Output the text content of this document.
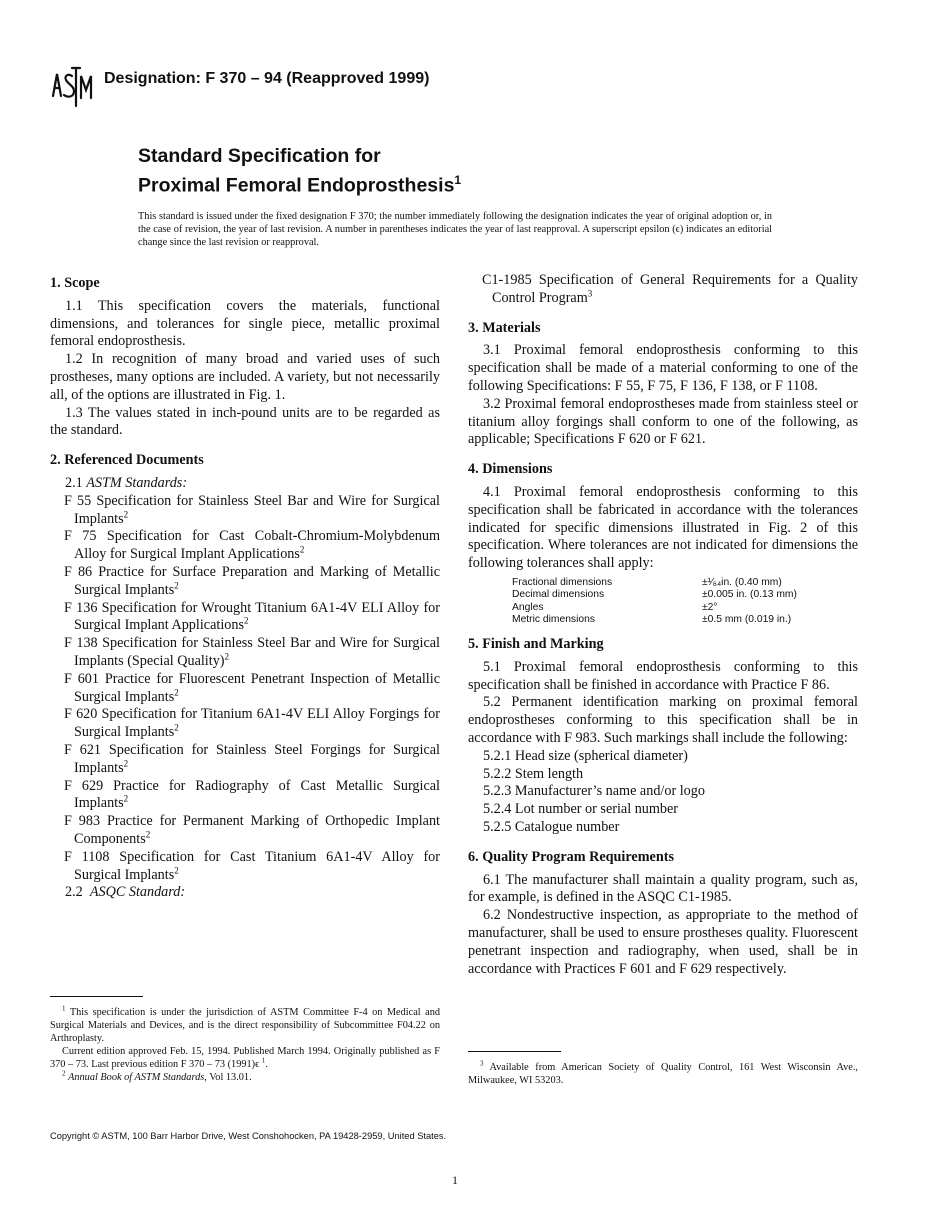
Designation: F 370 – 94 (Reapproved 1999)
Standard Specification for
Proximal Femoral Endoprosthesis$^1$
This standard is issued under the fixed designation F 370; the number immediately following the designation indicates the year of original adoption or, in the case of revision, the year of last revision. A number in parentheses indicates the year of last reapproval. A superscript epsilon (ϵ) indicates an editorial change since the last revision or reapproval.
1. Scope

1.1 This specification covers the materials, functional dimensions, and tolerances for single piece, metallic proximal femoral endoprosthesis.

1.2 In recognition of many broad and varied uses of such prostheses, many options are included. A variety, but not necessarily all, of the options are illustrated in Fig. 1.

1.3 The values stated in inch-pound units are to be regarded as the standard.

2. Referenced Documents

2.1 ASTM Standards:

F 55 Specification for Stainless Steel Bar and Wire for Surgical Implants$^2$

F 75 Specification for Cast Cobalt-Chromium-Molybdenum Alloy for Surgical Implant Applications$^2$

F 86 Practice for Surface Preparation and Marking of Metallic Surgical Implants$^2$

F 136 Specification for Wrought Titanium 6A1-4V ELI Alloy for Surgical Implant Applications$^2$

F 138 Specification for Stainless Steel Bar and Wire for Surgical Implants (Special Quality)$^2$

F 601 Practice for Fluorescent Penetrant Inspection of Metallic Surgical Implants$^2$

F 620 Specification for Titanium 6A1-4V ELI Alloy Forgings for Surgical Implants$^2$

F 621 Specification for Stainless Steel Forgings for Surgical Implants$^2$

F 629 Practice for Radiography of Cast Metallic Surgical Implants$^2$

F 983 Practice for Permanent Marking of Orthopedic Implant Components$^2$

F 1108 Specification for Cast Titanium 6A1-4V Alloy for Surgical Implants$^2$

2.2 ASQC Standard:

C1-1985 Specification of General Requirements for a Quality Control Program$^3$

3. Materials

3.1 Proximal femoral endoprosthesis conforming to this specification shall be made of a material conforming to one of the following Specifications: F 55, F 75, F 136, F 138, or F 1108.

3.2 Proximal femoral endoprostheses made from stainless steel or titanium alloy forgings shall conform to one of the following, as applicable; Specifications F 620 or F 621.

4. Dimensions

4.1 Proximal femoral endoprosthesis conforming to this specification shall be fabricated in accordance with the tolerances indicated for specific dimensions illustrated in Fig. 2 of this specification. Where tolerances are not indicated for dimensions the following tolerances shall apply:

Fractional dimensions	±¹⁄₆₄in. (0.40 mm)
Decimal dimensions	±0.005 in. (0.13 mm)
Angles	±2°
Metric dimensions	±0.5 mm (0.019 in.)
5. Finish and Marking

5.1 Proximal femoral endoprosthesis conforming to this specification shall be finished in accordance with Practice F 86.

5.2 Permanent identification marking on proximal femoral endoprostheses conforming to this specification shall be in accordance with F 983. Such markings shall include the following:

5.2.1 Head size (spherical diameter)

5.2.2 Stem length

5.2.3 Manufacturer’s name and/or logo

5.2.4 Lot number or serial number

5.2.5 Catalogue number

6. Quality Program Requirements

6.1 The manufacturer shall maintain a quality program, such as, for example, is defined in the ASQC C1-1985.

6.2 Nondestructive inspection, as appropriate to the method of manufacturer, shall be used to ensure prostheses quality. Fluorescent penetrant inspection and radiography, when used, shall be in accordance with Practices F 601 and F 629 respectively.

$^1$ This specification is under the jurisdiction of ASTM Committee F-4 on Medical and Surgical Materials and Devices, and is the direct responsibility of Subcommittee F04.22 on Arthroplasty.

Current edition approved Feb. 15, 1994. Published March 1994. Originally published as F 370 – 73. Last previous edition F 370 – 73 (1991)ϵ $^1$.

$^2$ Annual Book of ASTM Standards, Vol 13.01.

$^3$ Available from American Society of Quality Control, 161 West Wisconsin Ave., Milwaukee, WI 53203.

Copyright © ASTM, 100 Barr Harbor Drive, West Conshohocken, PA 19428-2959, United States.
1
